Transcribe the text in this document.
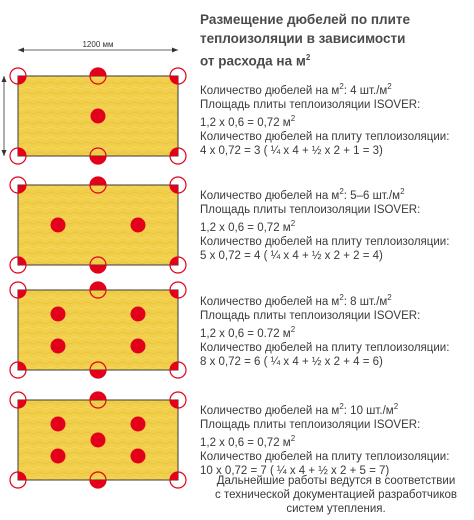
1200 мм
Размещение дюбелей по плите
теплоизоляции в зависимости
от расхода на $м^2$
Количество дюбелей на $м^2$: 4 $шт./м^2$
Площадь плиты теплоизоляции ISOVER:
1,2 х 0,6 = 0,72 $м^2$
Количество дюбелей на плиту теплоизоляции:
4 х 0,72 = 3 ( ¼ х 4 + ½ х 2 + 1 = 3)
Количество дюбелей на $м^2$: 5–6 $шт./м^2$
Площадь плиты теплоизоляции ISOVER:
1,2 х 0,6 = 0,72 $м^2$
Количество дюбелей на плиту теплоизоляции:
5 х 0,72 = 4 ( ¼ х 4 + ½ х 2 + 2 = 4)
Количество дюбелей на $м^2$: 8 $шт./м^2$
Площадь плиты теплоизоляции ISOVER:
1,2 х 0,6 = 0.72 $м^2$
Количество дюбелей на плиту теплоизоляции:
8 х 0,72 = 6 ( ¼ х 4 + ½ х 2 + 4 = 6)
Количество дюбелей на $м^2$: 10 $шт./м^2$
Площадь плиты теплоизоляции ISOVER:
1,2 х 0,6 = 0,72 $м^2$
Количество дюбелей на плиту теплоизоляции:
10 х 0,72 = 7 ( ¼ х 4 + ½ х 2 + 5 = 7)
Дальнейшие работы ведутся в соответствии
с технической документацией разработчиков
систем утепления.
